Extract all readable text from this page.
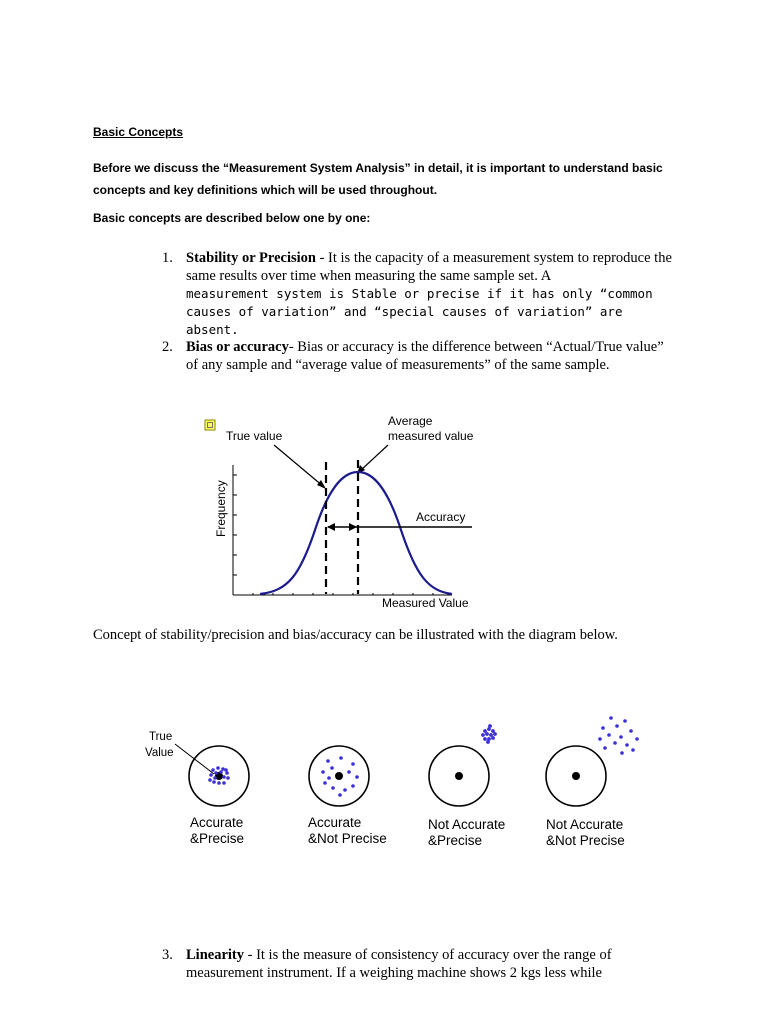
Basic Concepts
Before we discuss the “Measurement System Analysis” in detail, it is important to understand basic concepts and key definitions which will be used throughout.
Basic concepts are described below one by one:
1. Stability or Precision - It is the capacity of a measurement system to reproduce the same results over time when measuring the same sample set. A
measurement system is Stable or precise if it has only “common causes of variation” and “special causes of variation” are absent.
2. Bias or accuracy- Bias or accuracy is the difference between “Actual/True value” of any sample and “average value of measurements” of the same sample.
True value
Average
measured value
Frequency
Measured Value
Accuracy
Concept of stability/precision and bias/accuracy can be illustrated with the diagram below.
True
Value
Accurate
&Precise
Accurate
&Not Precise
Not Accurate
&Precise
Not Accurate
&Not Precise
3. Linearity - It is the measure of consistency of accuracy over the range of measurement instrument. If a weighing machine shows 2 kgs less while
